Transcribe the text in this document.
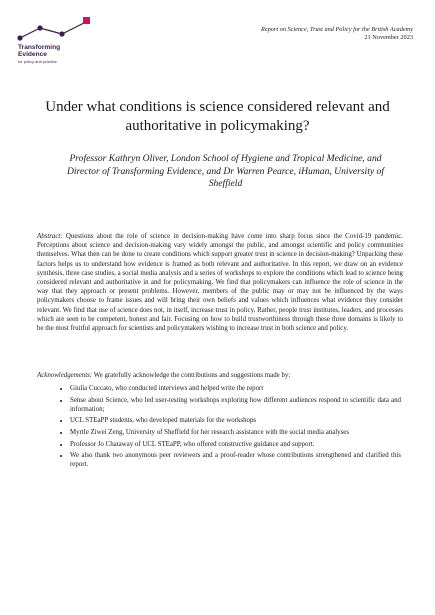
Transforming
Evidence
for policy and practice
Report on Science, Trust and Policy for the British Academy
21 November 2023
Under what conditions is science considered relevant and authoritative in policymaking?
Professor Kathryn Oliver, London School of Hygiene and Tropical Medicine, and Director of Transforming Evidence, and Dr Warren Pearce, iHuman, University of Sheffield
Abstract: Questions about the role of science in decision-making have come into sharp focus since the Covid-19 pandemic. Perceptions about science and decision-making vary widely amongst the public, and amongst scientific and policy communities themselves. What then can be done to create conditions which support greater trust in science in decision-making? Unpacking these factors helps us to understand how evidence is framed as both relevant and authoritative. In this report, we draw on an evidence synthesis, three case studies, a social media analysis and a series of workshops to explore the conditions which lead to science being considered relevant and authoritative in and for policymaking. We find that policymakers can influence the role of science in the way that they approach or present problems. However, members of the public may or may not be influenced by the ways policymakers choose to frame issues and will bring their own beliefs and values which influences what evidence they consider relevant. We find that use of science does not, in itself, increase trust in policy. Rather, people trust institutes, leaders, and processes which are seen to be competent, honest and fair. Focusing on how to build trustworthiness through these three domains is likely to be the most fruitful approach for scientists and policymakers wishing to increase trust in both science and policy.
Acknowledgements: We gratefully acknowledge the contributions and suggestions made by:
• Giulia Cuccato, who conducted interviews and helped write the report
• Sense about Science, who led user-testing workshops exploring how different audiences respond to scientific data and information;
• UCL STEaPP students, who developed materials for the workshops
• Myrtle Ziwei Zeng, University of Sheffield for her research assistance with the social media analyses
• Professor Jo Chataway of UCL STEaPP, who offered constructive guidance and support.
• We also thank two anonymous peer reviewers and a proof-reader whose contributions strengthened and clarified this report.
